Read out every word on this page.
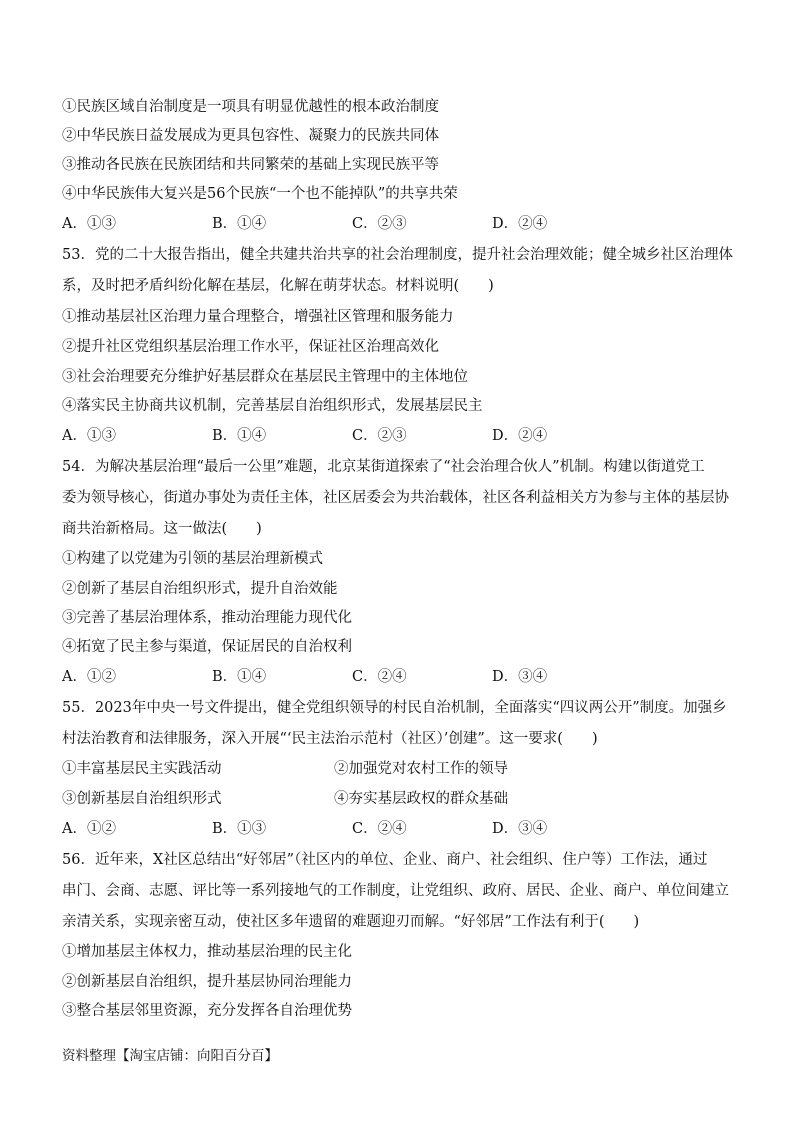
①民族区域自治制度是一项具有明显优越性的根本政治制度
②中华民族日益发展成为更具包容性、凝聚力的民族共同体
③推动各民族在民族团结和共同繁荣的基础上实现民族平等
④中华民族伟大复兴是56个民族“一个也不能掉队”的共享共荣
A．①③	B．①④	C．②③	D．②④
53．党的二十大报告指出，健全共建共治共享的社会治理制度，提升社会治理效能；健全城乡社区治理体
系，及时把矛盾纠纷化解在基层，化解在萌芽状态。材料说明(　　)
①推动基层社区治理力量合理整合，增强社区管理和服务能力
②提升社区党组织基层治理工作水平，保证社区治理高效化
③社会治理要充分维护好基层群众在基层民主管理中的主体地位
④落实民主协商共议机制，完善基层自治组织形式，发展基层民主
A．①③	B．①④	C．②③	D．②④
54．为解决基层治理“最后一公里”难题，北京某街道探索了“社会治理合伙人”机制。构建以街道党工
委为领导核心，街道办事处为责任主体，社区居委会为共治载体，社区各利益相关方为参与主体的基层协
商共治新格局。这一做法(　　)
①构建了以党建为引领的基层治理新模式
②创新了基层自治组织形式，提升自治效能
③完善了基层治理体系，推动治理能力现代化
④拓宽了民主参与渠道，保证居民的自治权利
A．①②	B．①④	C．②④	D．③④
55．2023年中央一号文件提出，健全党组织领导的村民自治机制，全面落实“四议两公开”制度。加强乡
村法治教育和法律服务，深入开展“‘民主法治示范村（社区）’创建”。这一要求(　　)
①丰富基层民主实践活动	②加强党对农村工作的领导
③创新基层自治组织形式	④夯实基层政权的群众基础
A．①②	B．①③	C．②④	D．③④
56．近年来，X社区总结出“好邻居”（社区内的单位、企业、商户、社会组织、住户等）工作法，通过
串门、会商、志愿、评比等一系列接地气的工作制度，让党组织、政府、居民、企业、商户、单位间建立
亲清关系，实现亲密互动，使社区多年遗留的难题迎刃而解。“好邻居”工作法有利于(　　)
①增加基层主体权力，推动基层治理的民主化
②创新基层自治组织，提升基层协同治理能力
③整合基层邻里资源，充分发挥各自治理优势
资料整理【淘宝店铺：向阳百分百】
